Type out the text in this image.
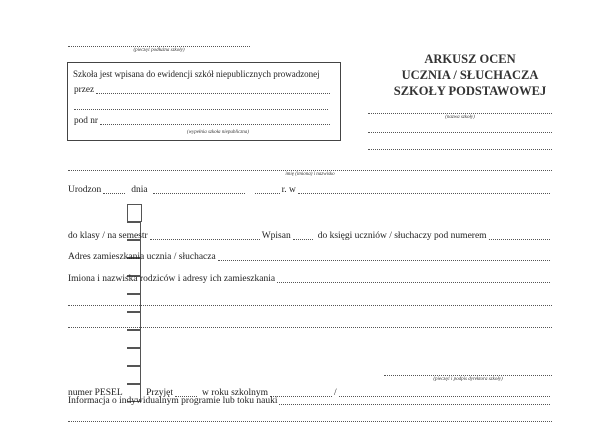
(pieczęć podłużna szkoły)
Szkoła jest wpisana do ewidencji szkół niepublicznych prowadzonej
przez
pod nr
(wypełnia szkoła niepubliczna)
ARKUSZ OCEN
UCZNIA / SŁUCHACZA
SZKOŁY PODSTAWOWEJ
(nazwa szkoły)
imię (imiona) i nazwisko
Urodzon	dnia	r. w
numer PESEL Przyjęt	w roku szkolnym	/
do klasy / na semestr	Wpisan	do księgi uczniów / słuchaczy pod numerem
Adres zamieszkania ucznia / słuchacza
Imiona i nazwiska rodziców i adresy ich zamieszkania
(pieczęć i podpis dyrektora szkoły)
Informacja o indywidualnym programie lub toku nauki
